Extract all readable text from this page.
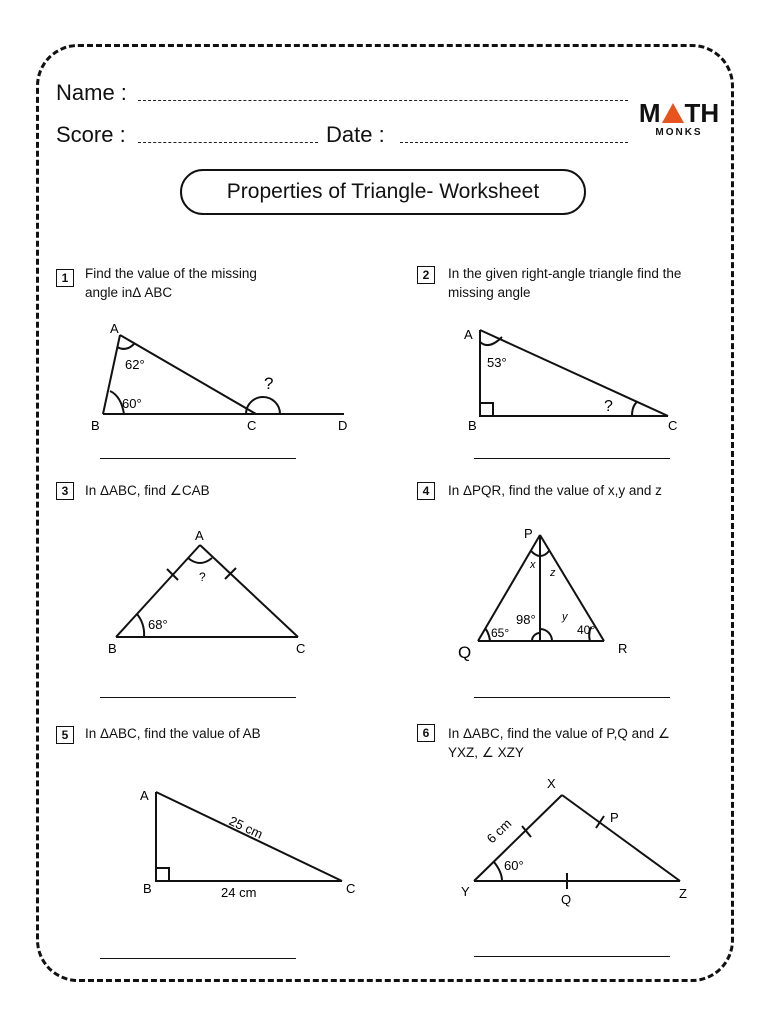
Name :
Score :	Date :
M TH
MONKS
Properties of Triangle- Worksheet
1	Find the value of the missing angle inΔ ABC
2	In the given right-angle triangle find the missing angle
3	In ΔABC, find ∠CAB	4	In ΔPQR, find the value of x,y and z
5	In ΔABC, find the value of AB	6	In ΔABC, find the value of P,Q and ∠ YXZ, ∠ XZY
A
B	C	D
62°
60°
?
A
B	C
53°
?
A
B	C
68°
?
P
Q	R
x
z
y
98°
65°	40°
A
B	C
25 cm
24 cm
X
Y	Z
P
Q
6 cm
60°
